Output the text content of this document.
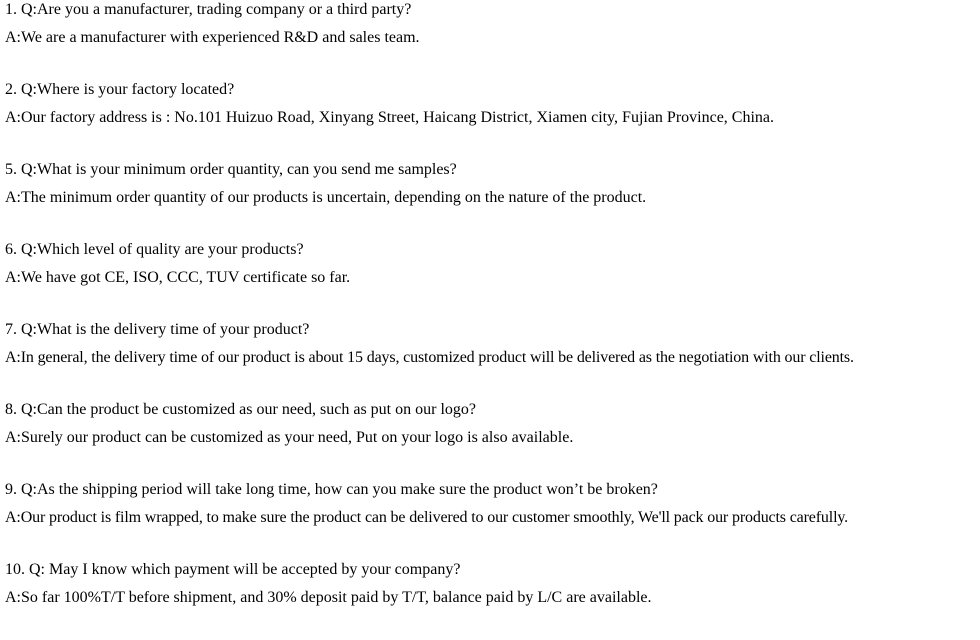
1. Q:Are you a manufacturer, trading company or a third party?
A:We are a manufacturer with experienced R&D and sales team.
2. Q:Where is your factory located?
A:Our factory address is : No.101 Huizuo Road, Xinyang Street, Haicang District, Xiamen city, Fujian Province, China.
5. Q:What is your minimum order quantity, can you send me samples?
A:The minimum order quantity of our products is uncertain, depending on the nature of the product.
6. Q:Which level of quality are your products?
A:We have got CE, ISO, CCC, TUV certificate so far.
7. Q:What is the delivery time of your product?
A:In general, the delivery time of our product is about 15 days, customized product will be delivered as the negotiation with our clients.
8. Q:Can the product be customized as our need, such as put on our logo?
A:Surely our product can be customized as your need, Put on your logo is also available.
9. Q:As the shipping period will take long time, how can you make sure the product won’t be broken?
A:Our product is film wrapped, to make sure the product can be delivered to our customer smoothly, We'll pack our products carefully.
10. Q: May I know which payment will be accepted by your company?
A:So far 100%T/T before shipment, and 30% deposit paid by T/T, balance paid by L/C are available.
